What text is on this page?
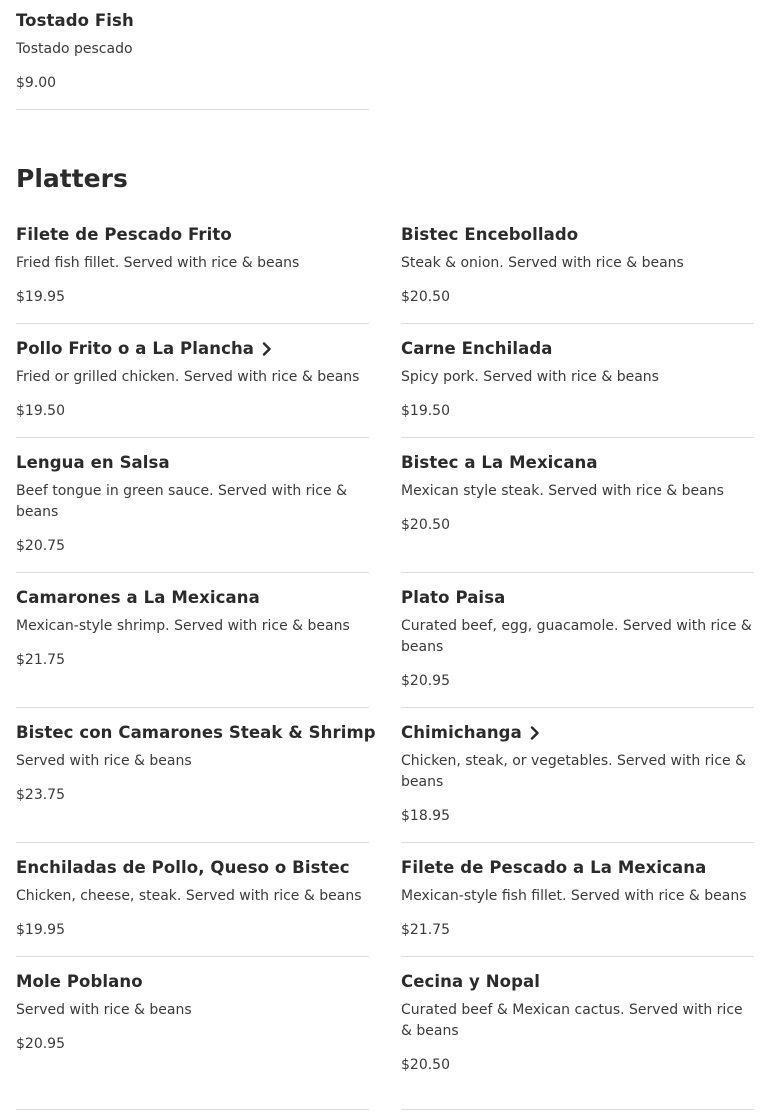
Tostado Fish
Tostado pescado
$9.00
Platters
Filete de Pescado Frito
Fried fish fillet. Served with rice & beans
$19.95
Bistec Encebollado
Steak & onion. Served with rice & beans
$20.50
Pollo Frito o a La Plancha
Fried or grilled chicken. Served with rice & beans
$19.50
Carne Enchilada
Spicy pork. Served with rice & beans
$19.50
Lengua en Salsa
Beef tongue in green sauce. Served with rice & beans
$20.75
Bistec a La Mexicana
Mexican style steak. Served with rice & beans
$20.50
Camarones a La Mexicana
Mexican-style shrimp. Served with rice & beans
$21.75
Plato Paisa
Curated beef, egg, guacamole. Served with rice & beans
$20.95
Bistec con Camarones Steak & Shrimp
Served with rice & beans
$23.75
Chimichanga
Chicken, steak, or vegetables. Served with rice & beans
$18.95
Enchiladas de Pollo, Queso o Bistec
Chicken, cheese, steak. Served with rice & beans
$19.95
Filete de Pescado a La Mexicana
Mexican-style fish fillet. Served with rice & beans
$21.75
Mole Poblano
Served with rice & beans
$20.95
Cecina y Nopal
Curated beef & Mexican cactus. Served with rice & beans
$20.50
